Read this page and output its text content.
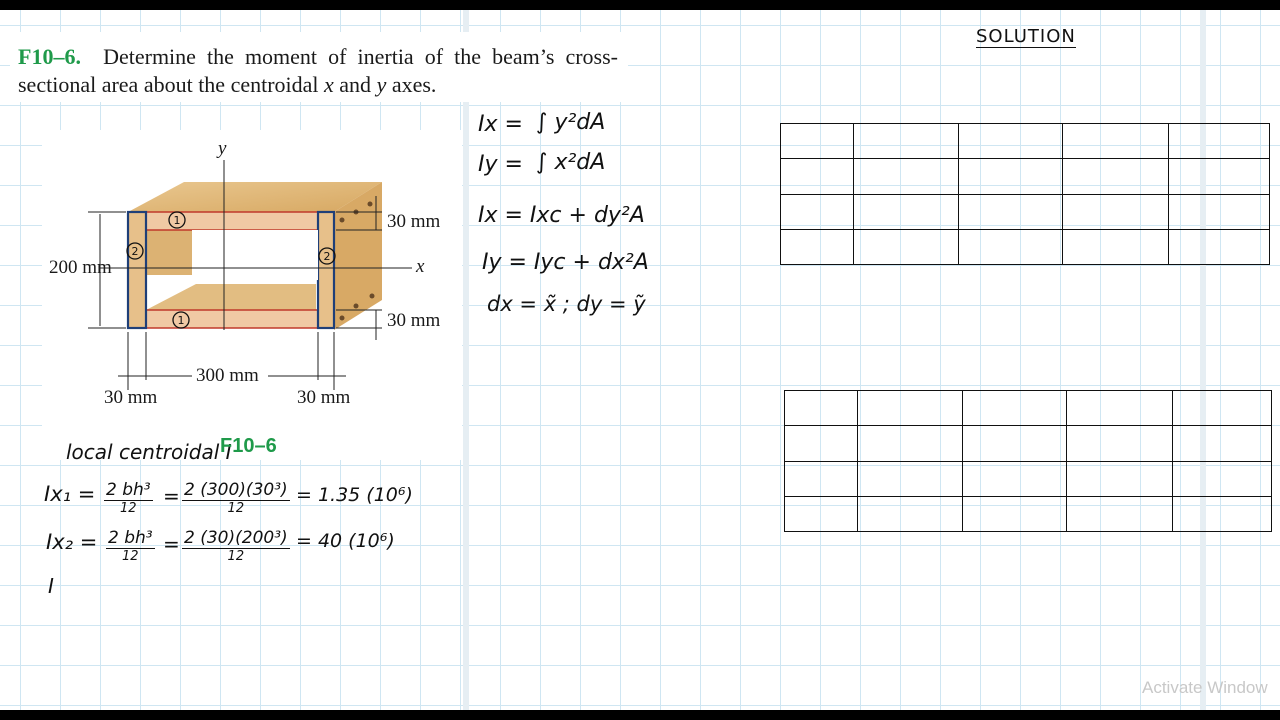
F10–6. Determine the moment of inertia of the beam’s cross-sectional area about the centroidal x and y axes.
1
1
2	2
y
x
200 mm
30 mm
30 mm
300 mm
30 mm	30 mm
Ix = ∫ y²dA
Iy = ∫ x²dA
Ix = Ixc + dy²A
Iy = Iyc + dx²A
dx = x̃ ; dy = ỹ
local centroidal I
F10–6
Ix₁ = 2 bh³
12
= 2 (300)(30³)
12
= 1.35 (10⁶)
Ix₂ = 2 bh³
12
= 2 (30)(200³)
12
= 40 (10⁶)
I
SOLUTION

Activate Window
